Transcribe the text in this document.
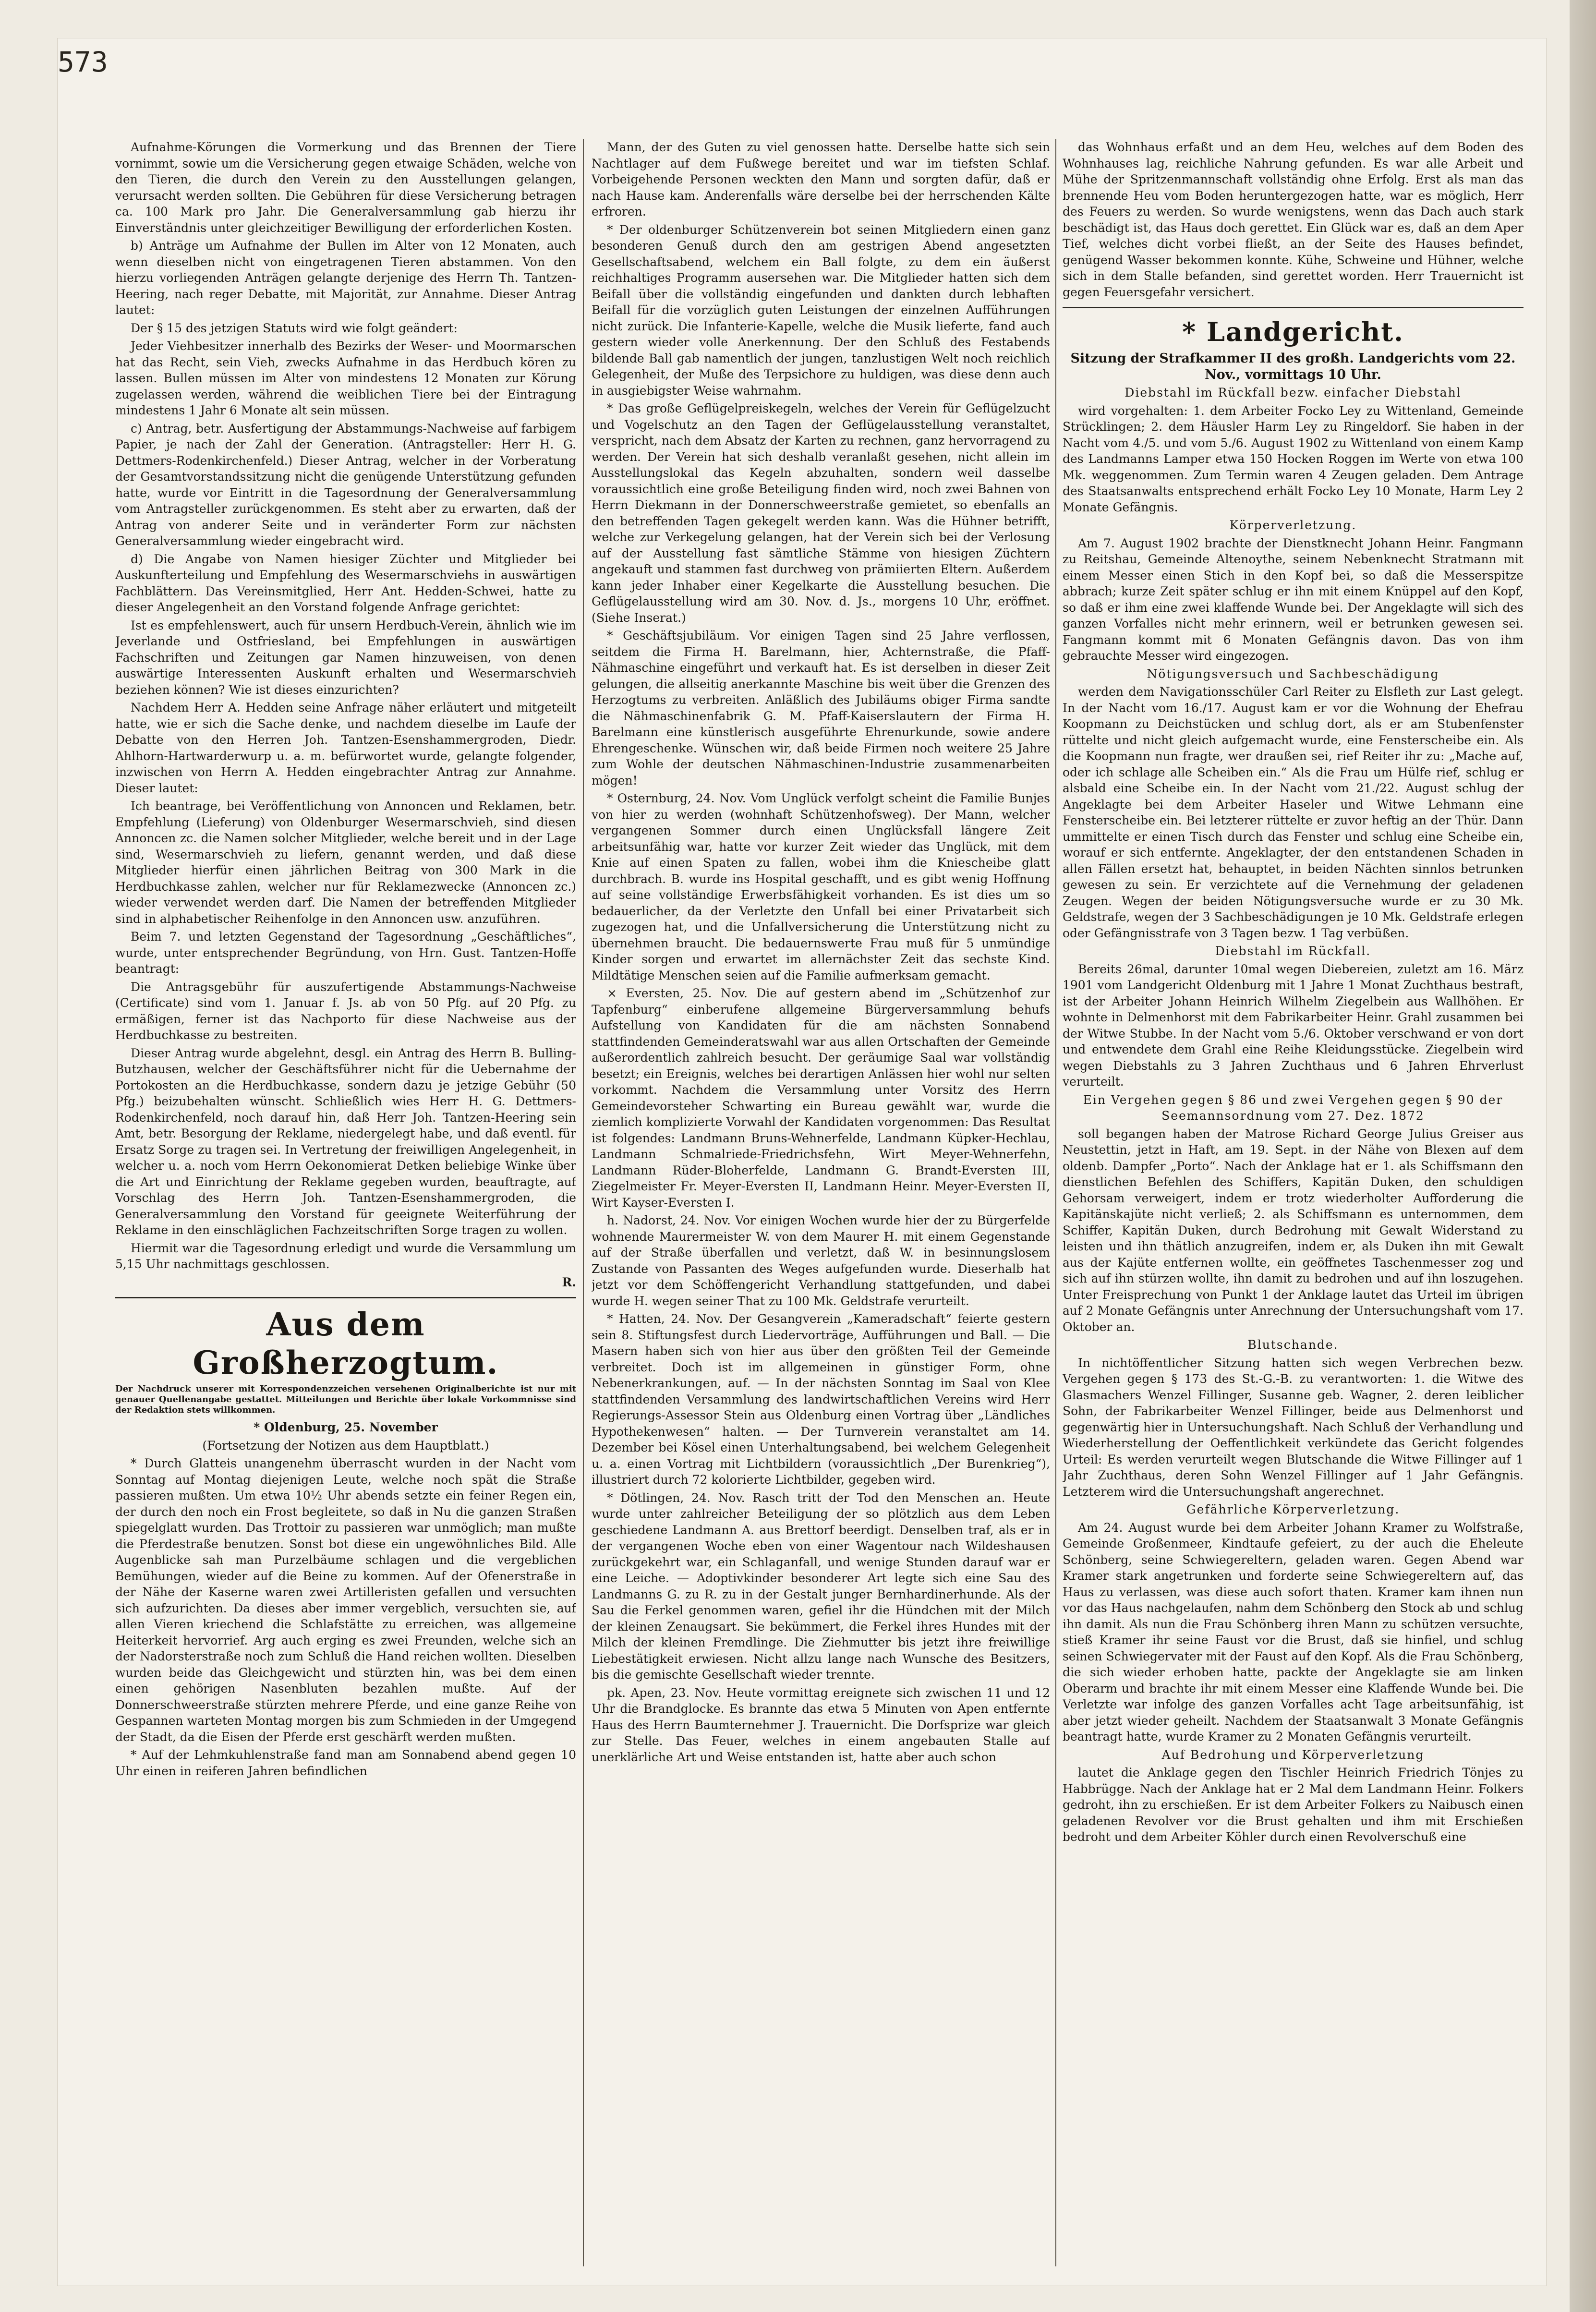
573

Aufnahme-Körungen die Vormerkung und das Brennen der Tiere vornimmt, sowie um die Versicherung gegen etwaige Schäden, welche von den Tieren, die durch den Verein zu den Ausstellungen gelangen, verursacht werden sollten. Die Gebühren für diese Versicherung betragen ca. 100 Mark pro Jahr. Die Generalversammlung gab hierzu ihr Einverständnis unter gleichzeitiger Bewilligung der erforderlichen Kosten.

b) Anträge um Aufnahme der Bullen im Alter von 12 Monaten, auch wenn dieselben nicht von eingetragenen Tieren abstammen. Von den hierzu vorliegenden Anträgen gelangte derjenige des Herrn Th. Tantzen-Heering, nach reger Debatte, mit Majorität, zur Annahme. Dieser Antrag lautet:

Der § 15 des jetzigen Statuts wird wie folgt geändert:

Jeder Viehbesitzer innerhalb des Bezirks der Weser- und Moormarschen hat das Recht, sein Vieh, zwecks Aufnahme in das Herdbuch kören zu lassen. Bullen müssen im Alter von mindestens 12 Monaten zur Körung zugelassen werden, während die weiblichen Tiere bei der Eintragung mindestens 1 Jahr 6 Monate alt sein müssen.

c) Antrag, betr. Ausfertigung der Abstammungs-Nachweise auf farbigem Papier, je nach der Zahl der Generation. (Antragsteller: Herr H. G. Dettmers-Rodenkirchenfeld.) Dieser Antrag, welcher in der Vorberatung der Gesamtvorstandssitzung nicht die genügende Unterstützung gefunden hatte, wurde vor Eintritt in die Tagesordnung der Generalversammlung vom Antragsteller zurückgenommen. Es steht aber zu erwarten, daß der Antrag von anderer Seite und in veränderter Form zur nächsten Generalversammlung wieder eingebracht wird.

d) Die Angabe von Namen hiesiger Züchter und Mitglieder bei Auskunfterteilung und Empfehlung des Wesermarschviehs in auswärtigen Fachblättern. Das Vereinsmitglied, Herr Ant. Hedden-Schwei, hatte zu dieser Angelegenheit an den Vorstand folgende Anfrage gerichtet:

Ist es empfehlenswert, auch für unsern Herdbuch-Verein, ähnlich wie im Jeverlande und Ostfriesland, bei Empfehlungen in auswärtigen Fachschriften und Zeitungen gar Namen hinzuweisen, von denen auswärtige Interessenten Auskunft erhalten und Wesermarschvieh beziehen können? Wie ist dieses einzurichten?

Nachdem Herr A. Hedden seine Anfrage näher erläutert und mitgeteilt hatte, wie er sich die Sache denke, und nachdem dieselbe im Laufe der Debatte von den Herren Joh. Tantzen-Esenshammergroden, Diedr. Ahlhorn-Hartwarderwurp u. a. m. befürwortet wurde, gelangte folgender, inzwischen von Herrn A. Hedden eingebrachter Antrag zur Annahme. Dieser lautet:

Ich beantrage, bei Veröffentlichung von Annoncen und Reklamen, betr. Empfehlung (Lieferung) von Oldenburger Wesermarschvieh, sind diesen Annoncen zc. die Namen solcher Mitglieder, welche bereit und in der Lage sind, Wesermarschvieh zu liefern, genannt werden, und daß diese Mitglieder hierfür einen jährlichen Beitrag von 300 Mark in die Herdbuchkasse zahlen, welcher nur für Reklamezwecke (Annoncen zc.) wieder verwendet werden darf. Die Namen der betreffenden Mitglieder sind in alphabetischer Reihenfolge in den Annoncen usw. anzuführen.

Beim 7. und letzten Gegenstand der Tagesordnung „Geschäftliches“, wurde, unter entsprechender Begründung, von Hrn. Gust. Tantzen-Hoffe beantragt:

Die Antragsgebühr für auszufertigende Abstammungs-Nachweise (Certificate) sind vom 1. Januar f. Js. ab von 50 Pfg. auf 20 Pfg. zu ermäßigen, ferner ist das Nachporto für diese Nachweise aus der Herdbuchkasse zu bestreiten.

Dieser Antrag wurde abgelehnt, desgl. ein Antrag des Herrn B. Bulling-Butzhausen, welcher der Geschäftsführer nicht für die Uebernahme der Portokosten an die Herdbuchkasse, sondern dazu je jetzige Gebühr (50 Pfg.) beizubehalten wünscht. Schließlich wies Herr H. G. Dettmers-Rodenkirchenfeld, noch darauf hin, daß Herr Joh. Tantzen-Heering sein Amt, betr. Besorgung der Reklame, niedergelegt habe, und daß eventl. für Ersatz Sorge zu tragen sei. In Vertretung der freiwilligen Angelegenheit, in welcher u. a. noch vom Herrn Oekonomierat Detken beliebige Winke über die Art und Einrichtung der Reklame gegeben wurden, beauftragte, auf Vorschlag des Herrn Joh. Tantzen-Esenshammergroden, die Generalversammlung den Vorstand für geeignete Weiterführung der Reklame in den einschläglichen Fachzeitschriften Sorge tragen zu wollen.

Hiermit war die Tagesordnung erledigt und wurde die Versammlung um 5,15 Uhr nachmittags geschlossen.

R.

Aus dem Großherzogtum.

Der Nachdruck unserer mit Korrespondenzzeichen versehenen Originalberichte ist nur mit genauer Quellenangabe gestattet. Mitteilungen und Berichte über lokale Vorkommnisse sind der Redaktion stets willkommen.

* Oldenburg, 25. November

(Fortsetzung der Notizen aus dem Hauptblatt.)

* Durch Glatteis unangenehm überrascht wurden in der Nacht vom Sonntag auf Montag diejenigen Leute, welche noch spät die Straße passieren mußten. Um etwa 10½ Uhr abends setzte ein feiner Regen ein, der durch den noch ein Frost begleitete, so daß in Nu die ganzen Straßen spiegelglatt wurden. Das Trottoir zu passieren war unmöglich; man mußte die Pferdestraße benutzen. Sonst bot diese ein ungewöhnliches Bild. Alle Augenblicke sah man Purzelbäume schlagen und die vergeblichen Bemühungen, wieder auf die Beine zu kommen. Auf der Ofenerstraße in der Nähe der Kaserne waren zwei Artilleristen gefallen und versuchten sich aufzurichten. Da dieses aber immer vergeblich, versuchten sie, auf allen Vieren kriechend die Schlafstätte zu erreichen, was allgemeine Heiterkeit hervorrief. Arg auch erging es zwei Freunden, welche sich an der Nadorsterstraße noch zum Schluß die Hand reichen wollten. Dieselben wurden beide das Gleichgewicht und stürzten hin, was bei dem einen einen gehörigen Nasenbluten bezahlen mußte. Auf der Donnerschweerstraße stürzten mehrere Pferde, und eine ganze Reihe von Gespannen warteten Montag morgen bis zum Schmieden in der Umgegend der Stadt, da die Eisen der Pferde erst geschärft werden mußten.

* Auf der Lehmkuhlenstraße fand man am Sonnabend abend gegen 10 Uhr einen in reiferen Jahren befindlichen

Mann, der des Guten zu viel genossen hatte. Derselbe hatte sich sein Nachtlager auf dem Fußwege bereitet und war im tiefsten Schlaf. Vorbeigehende Personen weckten den Mann und sorgten dafür, daß er nach Hause kam. Anderenfalls wäre derselbe bei der herrschenden Kälte erfroren.

* Der oldenburger Schützenverein bot seinen Mitgliedern einen ganz besonderen Genuß durch den am gestrigen Abend angesetzten Gesellschaftsabend, welchem ein Ball folgte, zu dem ein äußerst reichhaltiges Programm ausersehen war. Die Mitglieder hatten sich dem Beifall über die vollständig eingefunden und dankten durch lebhaften Beifall für die vorzüglich guten Leistungen der einzelnen Aufführungen nicht zurück. Die Infanterie-Kapelle, welche die Musik lieferte, fand auch gestern wieder volle Anerkennung. Der den Schluß des Festabends bildende Ball gab namentlich der jungen, tanzlustigen Welt noch reichlich Gelegenheit, der Muße des Terpsichore zu huldigen, was diese denn auch in ausgiebigster Weise wahrnahm.

* Das große Geflügelpreiskegeln, welches der Verein für Geflügelzucht und Vogelschutz an den Tagen der Geflügelausstellung veranstaltet, verspricht, nach dem Absatz der Karten zu rechnen, ganz hervorragend zu werden. Der Verein hat sich deshalb veranlaßt gesehen, nicht allein im Ausstellungslokal das Kegeln abzuhalten, sondern weil dasselbe voraussichtlich eine große Beteiligung finden wird, noch zwei Bahnen von Herrn Diekmann in der Donnerschweerstraße gemietet, so ebenfalls an den betreffenden Tagen gekegelt werden kann. Was die Hühner betrifft, welche zur Verkegelung gelangen, hat der Verein sich bei der Verlosung auf der Ausstellung fast sämtliche Stämme von hiesigen Züchtern angekauft und stammen fast durchweg von prämiierten Eltern. Außerdem kann jeder Inhaber einer Kegelkarte die Ausstellung besuchen. Die Geflügelausstellung wird am 30. Nov. d. Js., morgens 10 Uhr, eröffnet. (Siehe Inserat.)

* Geschäftsjubiläum. Vor einigen Tagen sind 25 Jahre verflossen, seitdem die Firma H. Barelmann, hier, Achternstraße, die Pfaff-Nähmaschine eingeführt und verkauft hat. Es ist derselben in dieser Zeit gelungen, die allseitig anerkannte Maschine bis weit über die Grenzen des Herzogtums zu verbreiten. Anläßlich des Jubiläums obiger Firma sandte die Nähmaschinenfabrik G. M. Pfaff-Kaiserslautern der Firma H. Barelmann eine künstlerisch ausgeführte Ehrenurkunde, sowie andere Ehrengeschenke. Wünschen wir, daß beide Firmen noch weitere 25 Jahre zum Wohle der deutschen Nähmaschinen-Industrie zusammenarbeiten mögen!

* Osternburg, 24. Nov. Vom Unglück verfolgt scheint die Familie Bunjes von hier zu werden (wohnhaft Schützenhofsweg). Der Mann, welcher vergangenen Sommer durch einen Unglücksfall längere Zeit arbeitsunfähig war, hatte vor kurzer Zeit wieder das Unglück, mit dem Knie auf einen Spaten zu fallen, wobei ihm die Kniescheibe glatt durchbrach. B. wurde ins Hospital geschafft, und es gibt wenig Hoffnung auf seine vollständige Erwerbsfähigkeit vorhanden. Es ist dies um so bedauerlicher, da der Verletzte den Unfall bei einer Privatarbeit sich zugezogen hat, und die Unfallversicherung die Unterstützung nicht zu übernehmen braucht. Die bedauernswerte Frau muß für 5 unmündige Kinder sorgen und erwartet im allernächster Zeit das sechste Kind. Mildtätige Menschen seien auf die Familie aufmerksam gemacht.

× Eversten, 25. Nov. Die auf gestern abend im „Schützenhof zur Tapfenburg“ einberufene allgemeine Bürgerversammlung behufs Aufstellung von Kandidaten für die am nächsten Sonnabend stattfindenden Gemeinderatswahl war aus allen Ortschaften der Gemeinde außerordentlich zahlreich besucht. Der geräumige Saal war vollständig besetzt; ein Ereignis, welches bei derartigen Anlässen hier wohl nur selten vorkommt. Nachdem die Versammlung unter Vorsitz des Herrn Gemeindevorsteher Schwarting ein Bureau gewählt war, wurde die ziemlich komplizierte Vorwahl der Kandidaten vorgenommen: Das Resultat ist folgendes: Landmann Bruns-Wehnerfelde, Landmann Küpker-Hechlau, Landmann Schmalriede-Friedrichsfehn, Wirt Meyer-Wehnerfehn, Landmann Rüder-Bloherfelde, Landmann G. Brandt-Eversten III, Ziegelmeister Fr. Meyer-Eversten II, Landmann Heinr. Meyer-Eversten II, Wirt Kayser-Eversten I.

h. Nadorst, 24. Nov. Vor einigen Wochen wurde hier der zu Bürgerfelde wohnende Maurermeister W. von dem Maurer H. mit einem Gegenstande auf der Straße überfallen und verletzt, daß W. in besinnungslosem Zustande von Passanten des Weges aufgefunden wurde. Dieserhalb hat jetzt vor dem Schöffengericht Verhandlung stattgefunden, und dabei wurde H. wegen seiner That zu 100 Mk. Geldstrafe verurteilt.

* Hatten, 24. Nov. Der Gesangverein „Kameradschaft“ feierte gestern sein 8. Stiftungsfest durch Liedervorträge, Aufführungen und Ball. — Die Masern haben sich von hier aus über den größten Teil der Gemeinde verbreitet. Doch ist im allgemeinen in günstiger Form, ohne Nebenerkrankungen, auf. — In der nächsten Sonntag im Saal von Klee stattfindenden Versammlung des landwirtschaftlichen Vereins wird Herr Regierungs-Assessor Stein aus Oldenburg einen Vortrag über „Ländliches Hypothekenwesen“ halten. — Der Turnverein veranstaltet am 14. Dezember bei Kösel einen Unterhaltungsabend, bei welchem Gelegenheit u. a. einen Vortrag mit Lichtbildern (voraussichtlich „Der Burenkrieg“), illustriert durch 72 kolorierte Lichtbilder, gegeben wird.

* Dötlingen, 24. Nov. Rasch tritt der Tod den Menschen an. Heute wurde unter zahlreicher Beteiligung der so plötzlich aus dem Leben geschiedene Landmann A. aus Brettorf beerdigt. Denselben traf, als er in der vergangenen Woche eben von einer Wagentour nach Wildeshausen zurückgekehrt war, ein Schlaganfall, und wenige Stunden darauf war er eine Leiche. — Adoptivkinder besonderer Art legte sich eine Sau des Landmanns G. zu R. zu in der Gestalt junger Bernhardinerhunde. Als der Sau die Ferkel genommen waren, gefiel ihr die Hündchen mit der Milch der kleinen Zenaugsart. Sie bekümmert, die Ferkel ihres Hundes mit der Milch der kleinen Fremdlinge. Die Ziehmutter bis jetzt ihre freiwillige Liebestätigkeit erwiesen. Nicht allzu lange nach Wunsche des Besitzers, bis die gemischte Gesellschaft wieder trennte.

pk. Apen, 23. Nov. Heute vormittag ereignete sich zwischen 11 und 12 Uhr die Brandglocke. Es brannte das etwa 5 Minuten von Apen entfernte Haus des Herrn Baumternehmer J. Trauernicht. Die Dorfsprize war gleich zur Stelle. Das Feuer, welches in einem angebauten Stalle auf unerklärliche Art und Weise entstanden ist, hatte aber auch schon

das Wohnhaus erfaßt und an dem Heu, welches auf dem Boden des Wohnhauses lag, reichliche Nahrung gefunden. Es war alle Arbeit und Mühe der Spritzenmannschaft vollständig ohne Erfolg. Erst als man das brennende Heu vom Boden heruntergezogen hatte, war es möglich, Herr des Feuers zu werden. So wurde wenigstens, wenn das Dach auch stark beschädigt ist, das Haus doch gerettet. Ein Glück war es, daß an dem Aper Tief, welches dicht vorbei fließt, an der Seite des Hauses befindet, genügend Wasser bekommen konnte. Kühe, Schweine und Hühner, welche sich in dem Stalle befanden, sind gerettet worden. Herr Trauernicht ist gegen Feuersgefahr versichert.

* Landgericht.

Sitzung der Strafkammer II des großh. Landgerichts vom 22. Nov., vormittags 10 Uhr.

Diebstahl im Rückfall bezw. einfacher Diebstahl

wird vorgehalten: 1. dem Arbeiter Focko Ley zu Wittenland, Gemeinde Strücklingen; 2. dem Häusler Harm Ley zu Ringeldorf. Sie haben in der Nacht vom 4./5. und vom 5./6. August 1902 zu Wittenland von einem Kamp des Landmanns Lamper etwa 150 Hocken Roggen im Werte von etwa 100 Mk. weggenommen. Zum Termin waren 4 Zeugen geladen. Dem Antrage des Staatsanwalts entsprechend erhält Focko Ley 10 Monate, Harm Ley 2 Monate Gefängnis.

Körperverletzung.

Am 7. August 1902 brachte der Dienstknecht Johann Heinr. Fangmann zu Reitshau, Gemeinde Altenoythe, seinem Nebenknecht Stratmann mit einem Messer einen Stich in den Kopf bei, so daß die Messerspitze abbrach; kurze Zeit später schlug er ihn mit einem Knüppel auf den Kopf, so daß er ihm eine zwei klaffende Wunde bei. Der Angeklagte will sich des ganzen Vorfalles nicht mehr erinnern, weil er betrunken gewesen sei. Fangmann kommt mit 6 Monaten Gefängnis davon. Das von ihm gebrauchte Messer wird eingezogen.

Nötigungsversuch und Sachbeschädigung

werden dem Navigationsschüler Carl Reiter zu Elsfleth zur Last gelegt. In der Nacht vom 16./17. August kam er vor die Wohnung der Ehefrau Koopmann zu Deichstücken und schlug dort, als er am Stubenfenster rüttelte und nicht gleich aufgemacht wurde, eine Fensterscheibe ein. Als die Koopmann nun fragte, wer draußen sei, rief Reiter ihr zu: „Mache auf, oder ich schlage alle Scheiben ein.“ Als die Frau um Hülfe rief, schlug er alsbald eine Scheibe ein. In der Nacht vom 21./22. August schlug der Angeklagte bei dem Arbeiter Haseler und Witwe Lehmann eine Fensterscheibe ein. Bei letzterer rüttelte er zuvor heftig an der Thür. Dann ummittelte er einen Tisch durch das Fenster und schlug eine Scheibe ein, worauf er sich entfernte. Angeklagter, der den entstandenen Schaden in allen Fällen ersetzt hat, behauptet, in beiden Nächten sinnlos betrunken gewesen zu sein. Er verzichtete auf die Vernehmung der geladenen Zeugen. Wegen der beiden Nötigungsversuche wurde er zu 30 Mk. Geldstrafe, wegen der 3 Sachbeschädigungen je 10 Mk. Geldstrafe erlegen oder Gefängnisstrafe von 3 Tagen bezw. 1 Tag verbüßen.

Diebstahl im Rückfall.

Bereits 26mal, darunter 10mal wegen Diebereien, zuletzt am 16. März 1901 vom Landgericht Oldenburg mit 1 Jahre 1 Monat Zuchthaus bestraft, ist der Arbeiter Johann Heinrich Wilhelm Ziegelbein aus Wallhöhen. Er wohnte in Delmenhorst mit dem Fabrikarbeiter Heinr. Grahl zusammen bei der Witwe Stubbe. In der Nacht vom 5./6. Oktober verschwand er von dort und entwendete dem Grahl eine Reihe Kleidungsstücke. Ziegelbein wird wegen Diebstahls zu 3 Jahren Zuchthaus und 6 Jahren Ehrverlust verurteilt.

Ein Vergehen gegen § 86 und zwei Vergehen gegen § 90 der Seemannsordnung vom 27. Dez. 1872

soll begangen haben der Matrose Richard George Julius Greiser aus Neustettin, jetzt in Haft, am 19. Sept. in der Nähe von Blexen auf dem oldenb. Dampfer „Porto“. Nach der Anklage hat er 1. als Schiffsmann den dienstlichen Befehlen des Schiffers, Kapitän Duken, den schuldigen Gehorsam verweigert, indem er trotz wiederholter Aufforderung die Kapitänskajüte nicht verließ; 2. als Schiffsmann es unternommen, dem Schiffer, Kapitän Duken, durch Bedrohung mit Gewalt Widerstand zu leisten und ihn thätlich anzugreifen, indem er, als Duken ihn mit Gewalt aus der Kajüte entfernen wollte, ein geöffnetes Taschenmesser zog und sich auf ihn stürzen wollte, ihn damit zu bedrohen und auf ihn loszugehen. Unter Freisprechung von Punkt 1 der Anklage lautet das Urteil im übrigen auf 2 Monate Gefängnis unter Anrechnung der Untersuchungshaft vom 17. Oktober an.

Blutschande.

In nichtöffentlicher Sitzung hatten sich wegen Verbrechen bezw. Vergehen gegen § 173 des St.-G.-B. zu verantworten: 1. die Witwe des Glasmachers Wenzel Fillinger, Susanne geb. Wagner, 2. deren leiblicher Sohn, der Fabrikarbeiter Wenzel Fillinger, beide aus Delmenhorst und gegenwärtig hier in Untersuchungshaft. Nach Schluß der Verhandlung und Wiederherstellung der Oeffentlichkeit verkündete das Gericht folgendes Urteil: Es werden verurteilt wegen Blutschande die Witwe Fillinger auf 1 Jahr Zuchthaus, deren Sohn Wenzel Fillinger auf 1 Jahr Gefängnis. Letzterem wird die Untersuchungshaft angerechnet.

Gefährliche Körperverletzung.

Am 24. August wurde bei dem Arbeiter Johann Kramer zu Wolfstraße, Gemeinde Großenmeer, Kindtaufe gefeiert, zu der auch die Eheleute Schönberg, seine Schwiegereltern, geladen waren. Gegen Abend war Kramer stark angetrunken und forderte seine Schwiegereltern auf, das Haus zu verlassen, was diese auch sofort thaten. Kramer kam ihnen nun vor das Haus nachgelaufen, nahm dem Schönberg den Stock ab und schlug ihn damit. Als nun die Frau Schönberg ihren Mann zu schützen versuchte, stieß Kramer ihr seine Faust vor die Brust, daß sie hinfiel, und schlug seinen Schwiegervater mit der Faust auf den Kopf. Als die Frau Schönberg, die sich wieder erhoben hatte, packte der Angeklagte sie am linken Oberarm und brachte ihr mit einem Messer eine Klaffende Wunde bei. Die Verletzte war infolge des ganzen Vorfalles acht Tage arbeitsunfähig, ist aber jetzt wieder geheilt. Nachdem der Staatsanwalt 3 Monate Gefängnis beantragt hatte, wurde Kramer zu 2 Monaten Gefängnis verurteilt.

Auf Bedrohung und Körperverletzung

lautet die Anklage gegen den Tischler Heinrich Friedrich Tönjes zu Habbrügge. Nach der Anklage hat er 2 Mal dem Landmann Heinr. Folkers gedroht, ihn zu erschießen. Er ist dem Arbeiter Folkers zu Naibusch einen geladenen Revolver vor die Brust gehalten und ihm mit Erschießen bedroht und dem Arbeiter Köhler durch einen Revolverschuß eine
